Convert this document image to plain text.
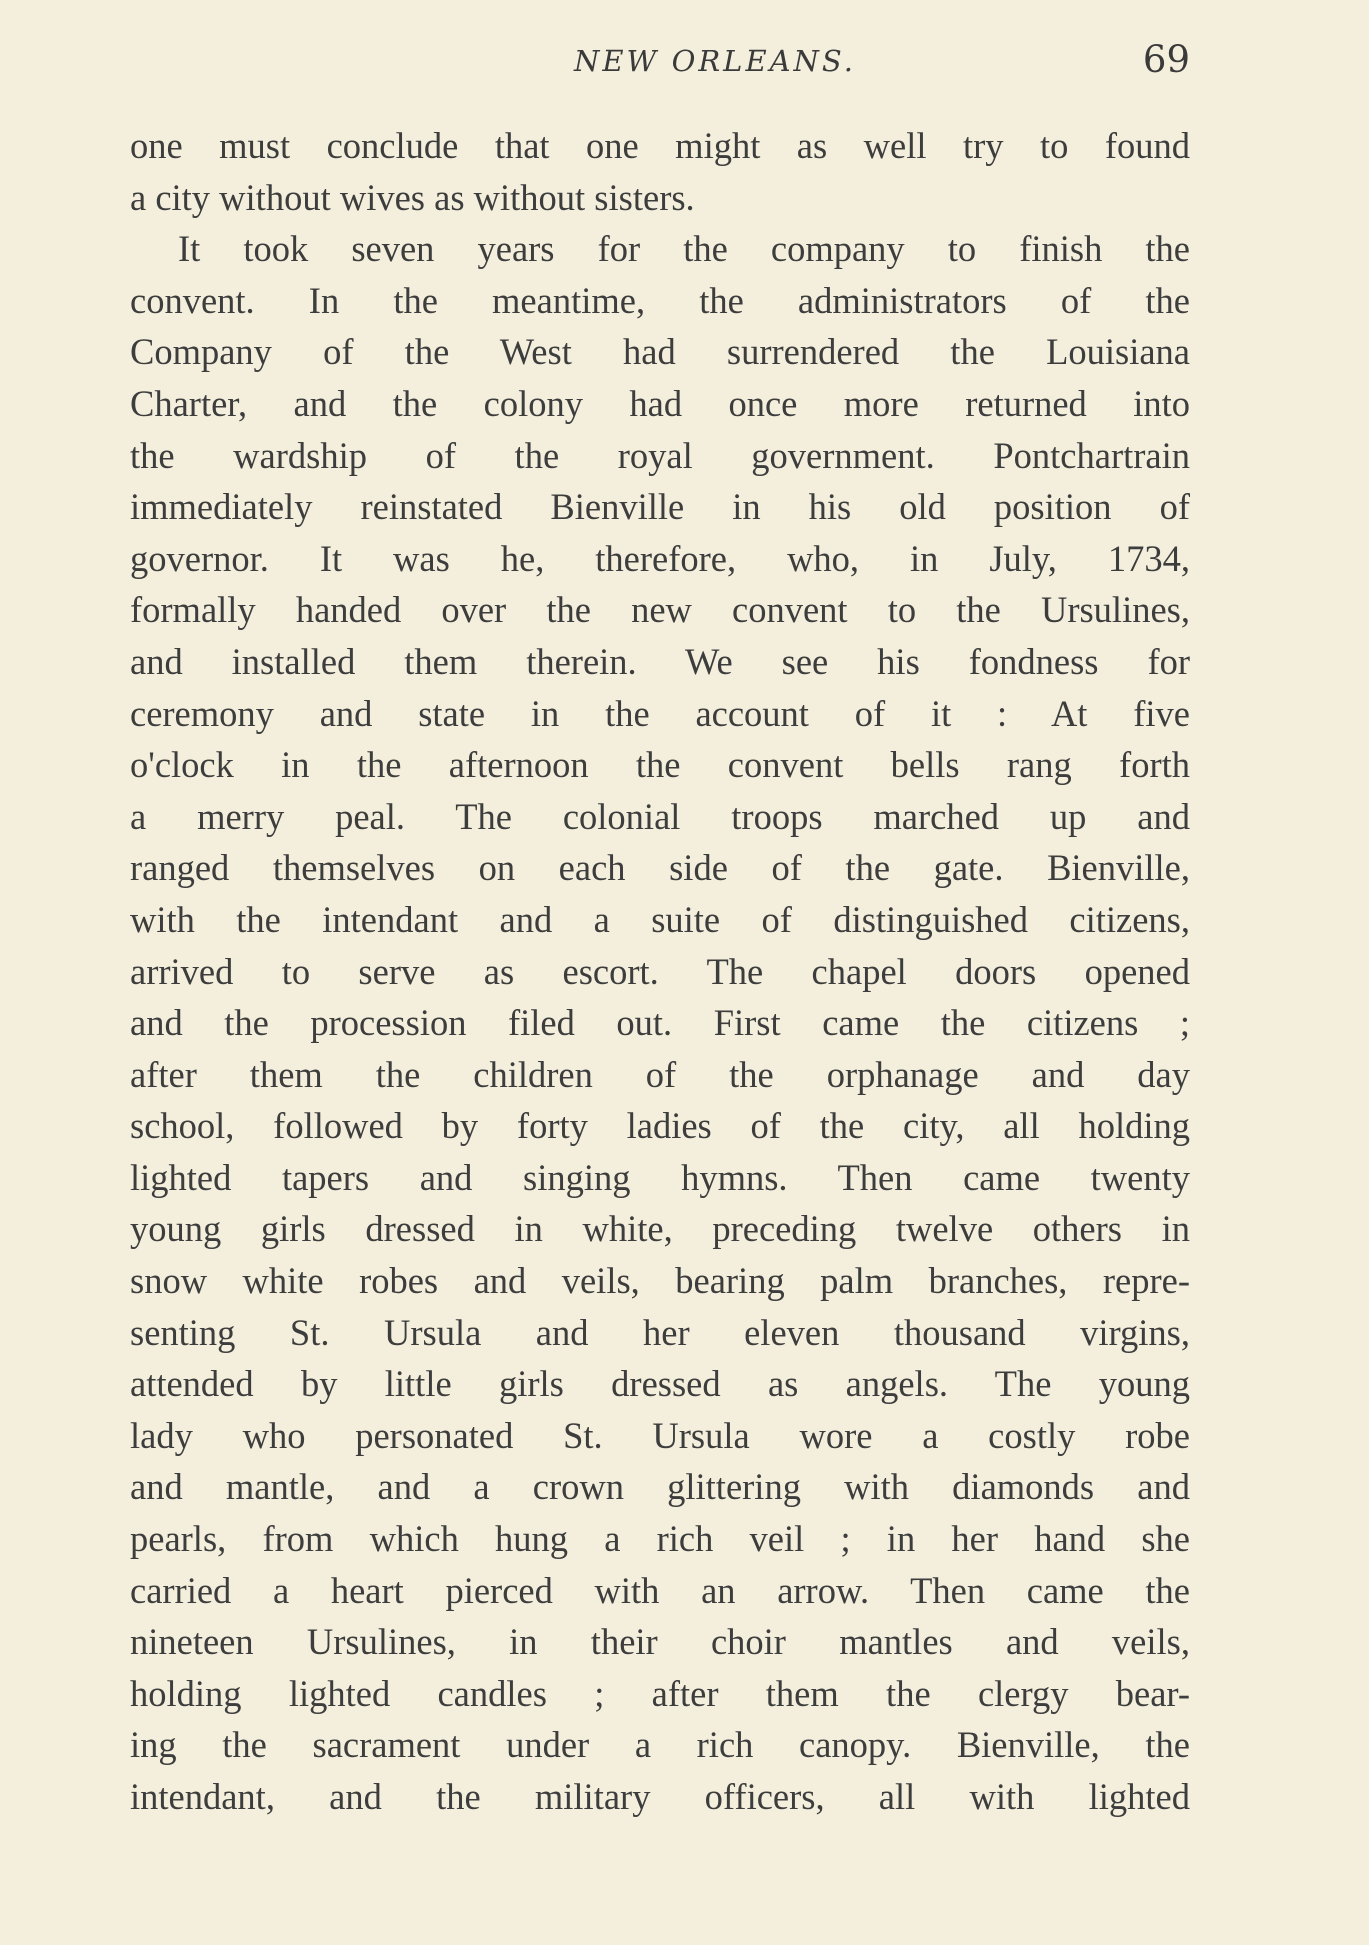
NEW ORLEANS.	69
one must conclude that one might as well try to found
a city without wives as without sisters.
It took seven years for the company to finish the
convent. In the meantime, the administrators of the
Company of the West had surrendered the Louisiana
Charter, and the colony had once more returned into
the wardship of the royal government. Pontchartrain
immediately reinstated Bienville in his old position of
governor. It was he, therefore, who, in July, 1734,
formally handed over the new convent to the Ursulines,
and installed them therein. We see his fondness for
ceremony and state in the account of it : At five
o'clock in the afternoon the convent bells rang forth
a merry peal. The colonial troops marched up and
ranged themselves on each side of the gate. Bienville,
with the intendant and a suite of distinguished citizens,
arrived to serve as escort. The chapel doors opened
and the procession filed out. First came the citizens ;
after them the children of the orphanage and day
school, followed by forty ladies of the city, all holding
lighted tapers and singing hymns. Then came twenty
young girls dressed in white, preceding twelve others in
snow white robes and veils, bearing palm branches, repre-
senting St. Ursula and her eleven thousand virgins,
attended by little girls dressed as angels. The young
lady who personated St. Ursula wore a costly robe
and mantle, and a crown glittering with diamonds and
pearls, from which hung a rich veil ; in her hand she
carried a heart pierced with an arrow. Then came the
nineteen Ursulines, in their choir mantles and veils,
holding lighted candles ; after them the clergy bear-
ing the sacrament under a rich canopy. Bienville, the
intendant, and the military officers, all with lighted
